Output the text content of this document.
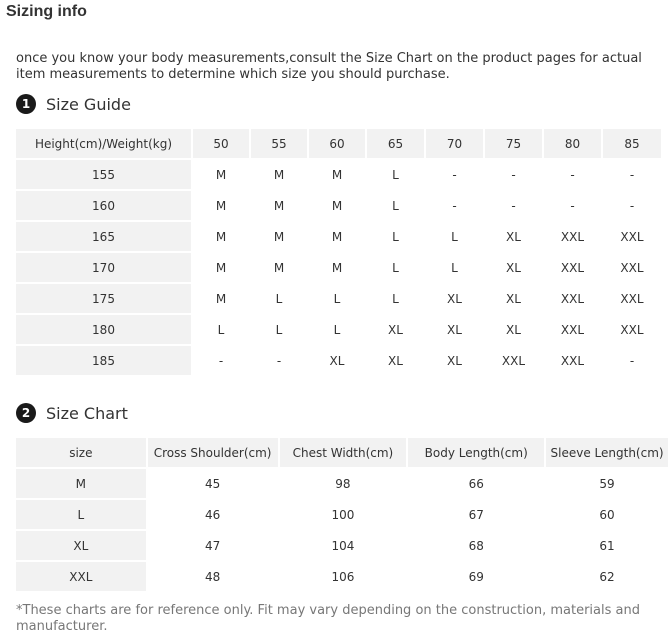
Sizing info
once you know your body measurements,consult the Size Chart on the product pages for actual item measurements to determine which size you should purchase.
1 Size Guide
Height(cm)/Weight(kg)	50	55	60	65	70	75	80	85
155	M	M	M	L	-	-	-	-
160	M	M	M	L	-	-	-	-
165	M	M	M	L	L	XL	XXL	XXL
170	M	M	M	L	L	XL	XXL	XXL
175	M	L	L	L	XL	XL	XXL	XXL
180	L	L	L	XL	XL	XL	XXL	XXL
185	-	-	XL	XL	XL	XXL	XXL	-
2 Size Chart
size	Cross Shoulder(cm)	Chest Width(cm)	Body Length(cm)	Sleeve Length(cm)
M	45	98	66	59
L	46	100	67	60
XL	47	104	68	61
XXL	48	106	69	62
*These charts are for reference only. Fit may vary depending on the construction, materials and manufacturer.
